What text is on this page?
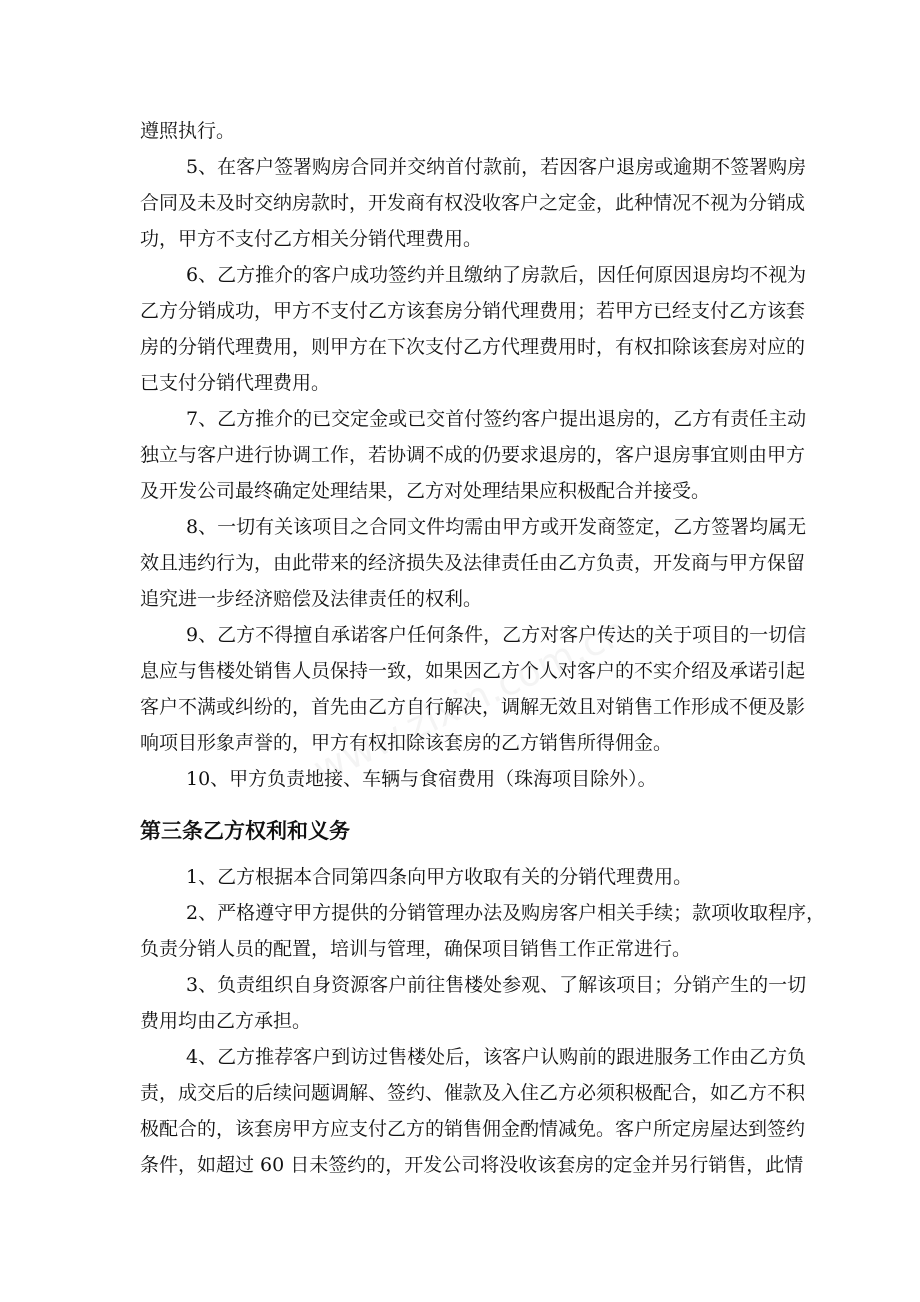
遵照执行。
5、在客户签署购房合同并交纳首付款前，若因客户退房或逾期不签署购房
合同及未及时交纳房款时，开发商有权没收客户之定金，此种情况不视为分销成
功，甲方不支付乙方相关分销代理费用。
6、乙方推介的客户成功签约并且缴纳了房款后，因任何原因退房均不视为
乙方分销成功，甲方不支付乙方该套房分销代理费用；若甲方已经支付乙方该套
房的分销代理费用，则甲方在下次支付乙方代理费用时，有权扣除该套房对应的
已支付分销代理费用。
7、乙方推介的已交定金或已交首付签约客户提出退房的，乙方有责任主动
独立与客户进行协调工作，若协调不成的仍要求退房的，客户退房事宜则由甲方
及开发公司最终确定处理结果，乙方对处理结果应积极配合并接受。
8、一切有关该项目之合同文件均需由甲方或开发商签定，乙方签署均属无
效且违约行为，由此带来的经济损失及法律责任由乙方负责，开发商与甲方保留
追究进一步经济赔偿及法律责任的权利。
9、乙方不得擅自承诺客户任何条件，乙方对客户传达的关于项目的一切信
息应与售楼处销售人员保持一致，如果因乙方个人对客户的不实介绍及承诺引起
客户不满或纠纷的，首先由乙方自行解决，调解无效且对销售工作形成不便及影
响项目形象声誉的，甲方有权扣除该套房的乙方销售所得佣金。
10、甲方负责地接、车辆与食宿费用（珠海项目除外）。
第三条乙方权利和义务
1、乙方根据本合同第四条向甲方收取有关的分销代理费用。
2、严格遵守甲方提供的分销管理办法及购房客户相关手续；款项收取程序，
负责分销人员的配置，培训与管理，确保项目销售工作正常进行。
3、负责组织自身资源客户前往售楼处参观、了解该项目；分销产生的一切
费用均由乙方承担。
4、乙方推荐客户到访过售楼处后，该客户认购前的跟进服务工作由乙方负
责，成交后的后续问题调解、签约、催款及入住乙方必须积极配合，如乙方不积
极配合的，该套房甲方应支付乙方的销售佣金酌情减免。客户所定房屋达到签约
条件，如超过 60 日未签约的，开发公司将没收该套房的定金并另行销售，此情
